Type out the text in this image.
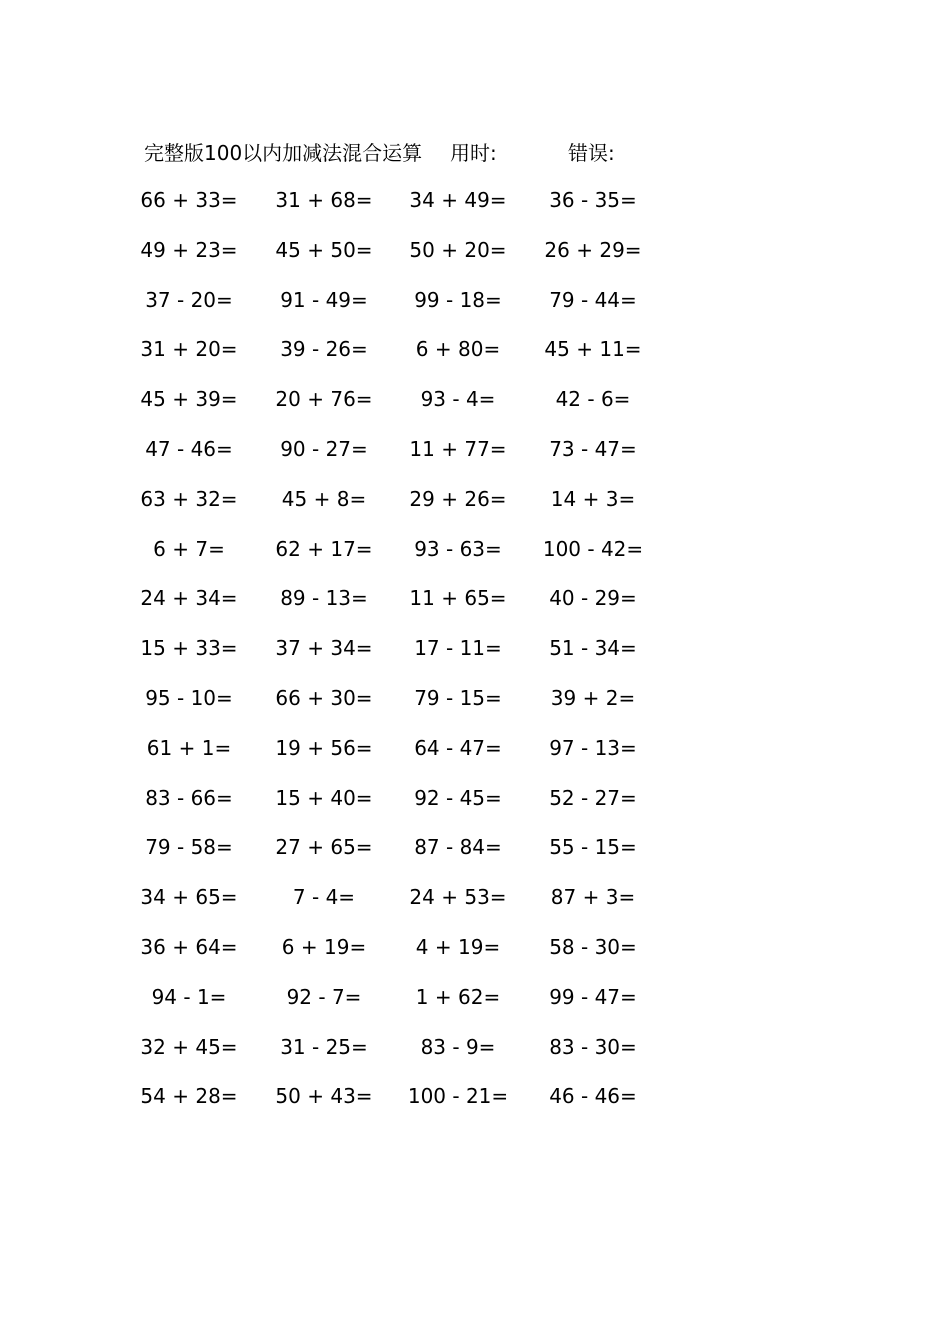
完整版100以内加减法混合运算 用时:	错误:
66 + 33=	31 + 68=	34 + 49=	36 - 35=
49 + 23=	45 + 50=	50 + 20=	26 + 29=
37 - 20=	91 - 49=	99 - 18=	79 - 44=
31 + 20=	39 - 26=	6 + 80=	45 + 11=
45 + 39=	20 + 76=	93 - 4=	42 - 6=
47 - 46=	90 - 27=	11 + 77=	73 - 47=
63 + 32=	45 + 8=	29 + 26=	14 + 3=
6 + 7=	62 + 17=	93 - 63=	100 - 42=
24 + 34=	89 - 13=	11 + 65=	40 - 29=
15 + 33=	37 + 34=	17 - 11=	51 - 34=
95 - 10=	66 + 30=	79 - 15=	39 + 2=
61 + 1=	19 + 56=	64 - 47=	97 - 13=
83 - 66=	15 + 40=	92 - 45=	52 - 27=
79 - 58=	27 + 65=	87 - 84=	55 - 15=
34 + 65=	7 - 4=	24 + 53=	87 + 3=
36 + 64=	6 + 19=	4 + 19=	58 - 30=
94 - 1=	92 - 7=	1 + 62=	99 - 47=
32 + 45=	31 - 25=	83 - 9=	83 - 30=
54 + 28=	50 + 43=	100 - 21=	46 - 46=
